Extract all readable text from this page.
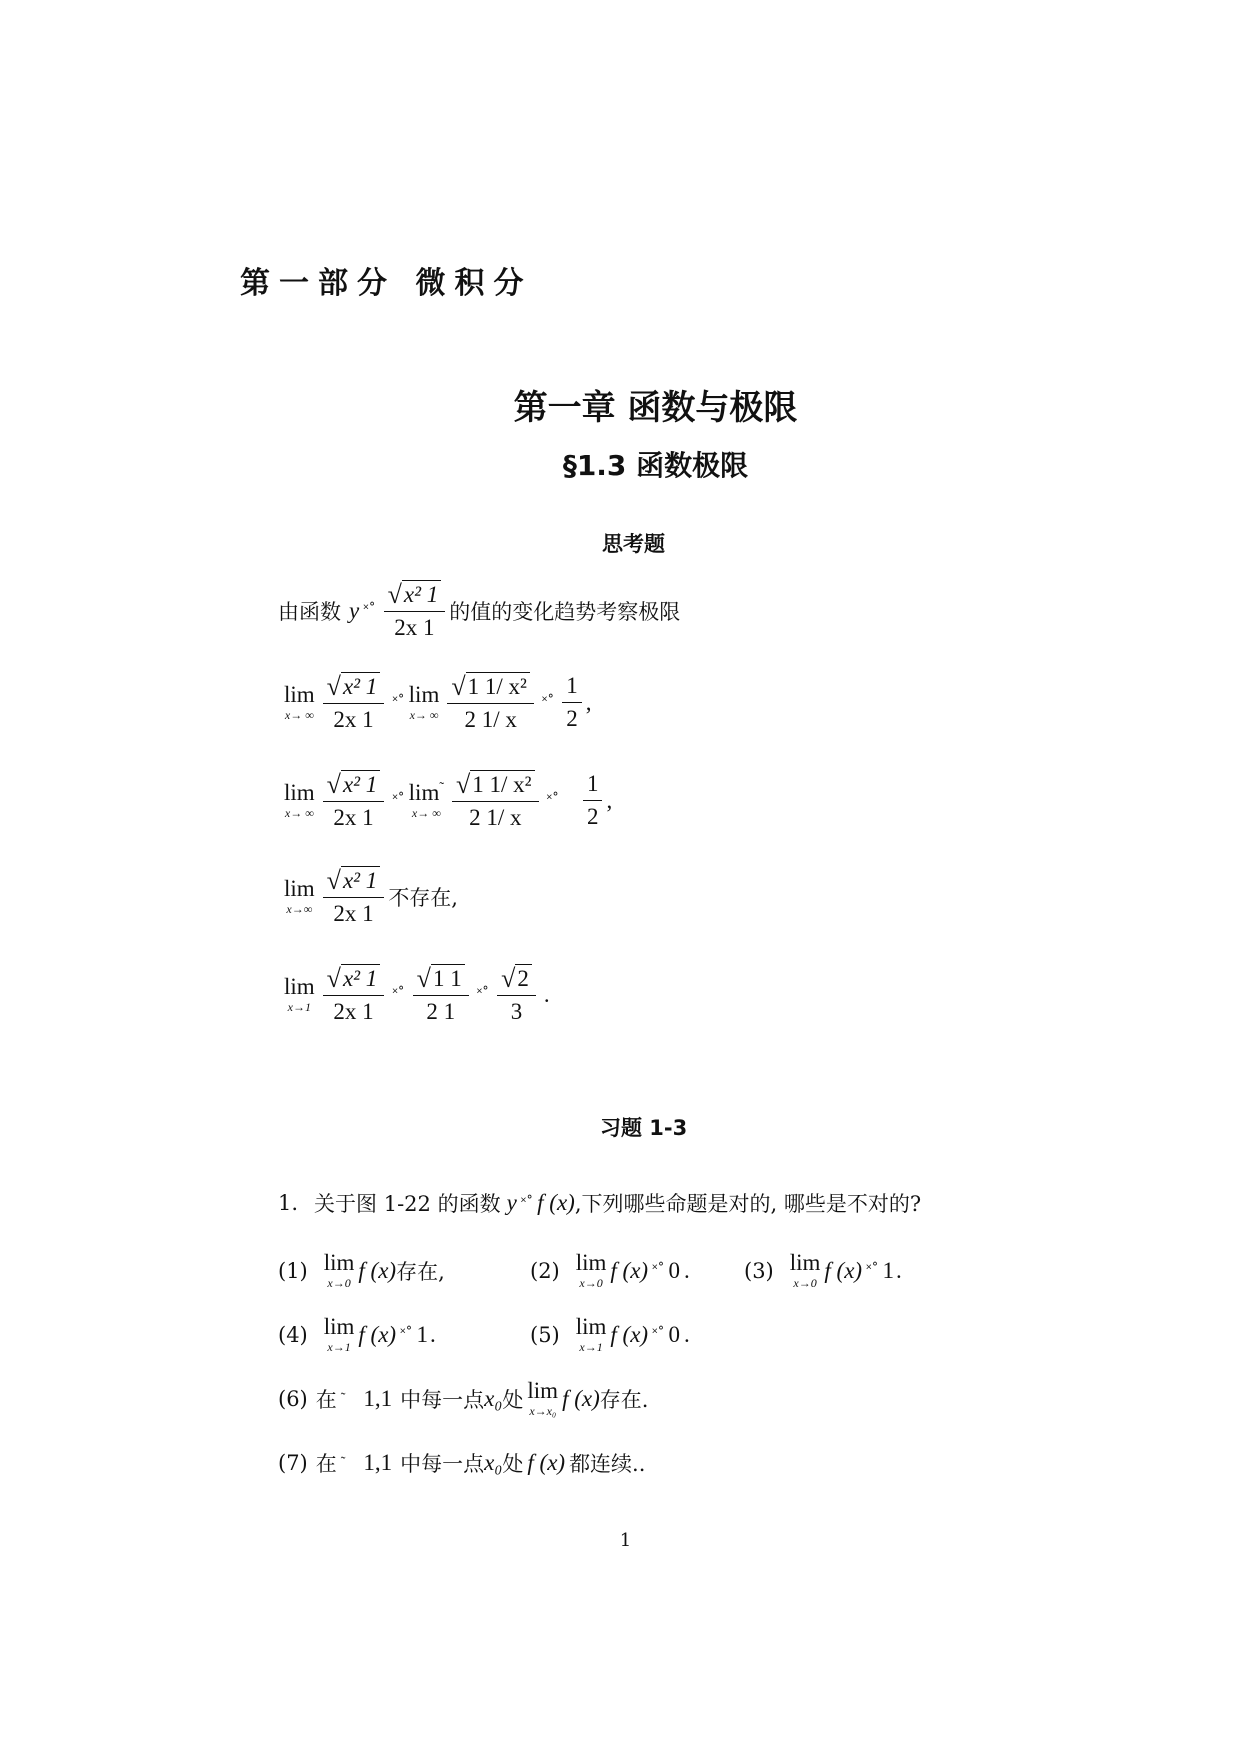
第一部分 微积分
第一章 函数与极限
§1.3 函数极限
思考题
由函数 y ˟˚ $\frac{\text{√ x² 1}}{2x 1}$ 的值的变化趋势考察极限
lim
x→ ∞ $\frac{\text{√ x² 1}}{2x 1}$ ˟˚ lim
x→ ∞ $\frac{\text{√ 1 1/ x²}}{2 1/ x}$ ˟˚ $\frac{1}{2}$ ,
lim
x→ ∞ $\frac{\text{√ x² 1}}{2x 1}$ ˟˚ lim˜
x→ ∞ $\frac{\text{√ 1 1/ x²}}{2 1/ x}$ ˟˚ $\frac{1}{2}$ ,
lim
$x\to\infty \frac{\text{√ x² 1}}{2x 1}$ 不存在,
lim
$x\to 1 \frac{\text{√ x² 1}}{2x 1}$ ˟˚ $\frac{√ 1 1}{2 1}$ ˟˚ $\frac{√ 2}{3}$ .
习题 1-3
1. 关于图 1-22 的函数 y ˟˚ f (x) ,下列哪些命题是对的, 哪些是不对的?
(1) lim
x→0
f (x) 存在,	(2) lim
x→0
f (x) ˟˚ 0 .	(3) lim
x→0
f (x) ˟˚ 1 .
(4) lim
x→1
f (x) ˟˚ 1 .	(5) lim
x→1
f (x) ˟˚ 0 .
(6) 在 ˜ 1,1 中每一点 x₀ 处 lim
x→x₀
f (x) 存在.
(7) 在 ˜ 1,1 中每一点 x₀ 处 f (x) 都连续..
1
